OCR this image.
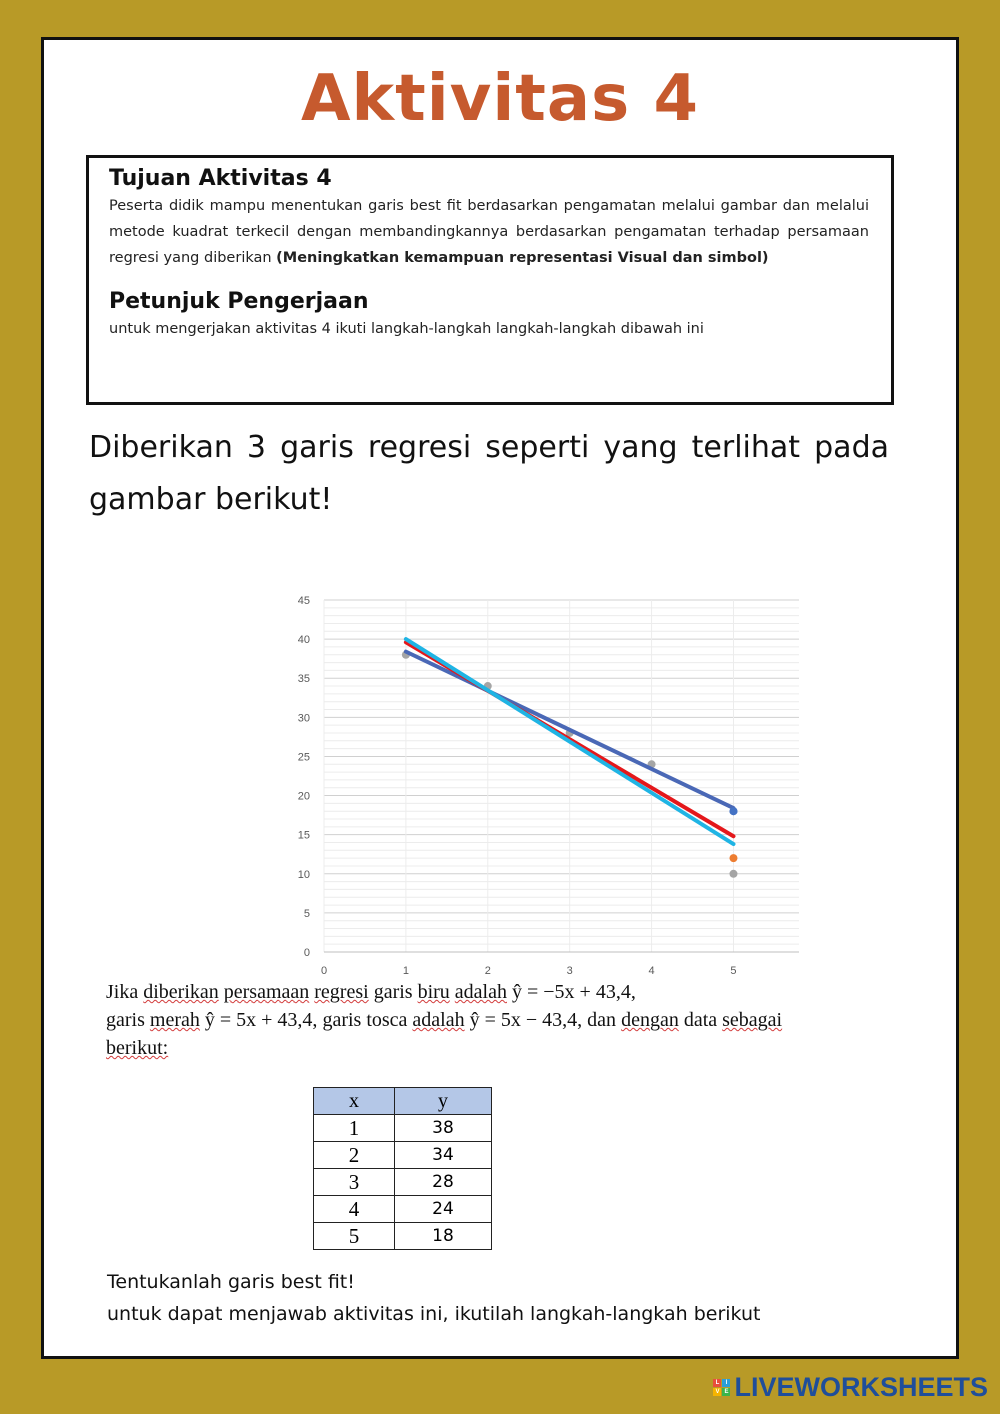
Aktivitas 4
Tujuan Aktivitas 4

Peserta didik mampu menentukan garis best fit berdasarkan pengamatan melalui gambar dan melalui metode kuadrat terkecil dengan membandingkannya berdasarkan pengamatan terhadap persamaan regresi yang diberikan (Meningkatkan kemampuan representasi Visual dan simbol)

Petunjuk Pengerjaan

untuk mengerjakan aktivitas 4 ikuti langkah-langkah langkah-langkah dibawah ini

Diberikan 3 garis regresi seperti yang terlihat pada gambar berikut!
0
5
10
15
20
25
30
35
40
45
0	1	2	3	4	5
Jika diberikan persamaan regresi garis biru adalah ŷ = −5x + 43,4,
garis merah ŷ = 5x + 43,4, garis tosca adalah ŷ = 5x − 43,4, dan dengan data sebagai
berikut:
x	y
1	38
2	34
3	28
4	24
5	18
Tentukanlah garis best fit!
untuk dapat menjawab aktivitas ini, ikutilah langkah-langkah berikut
L	I
V E LIVEWORKSHEETS
